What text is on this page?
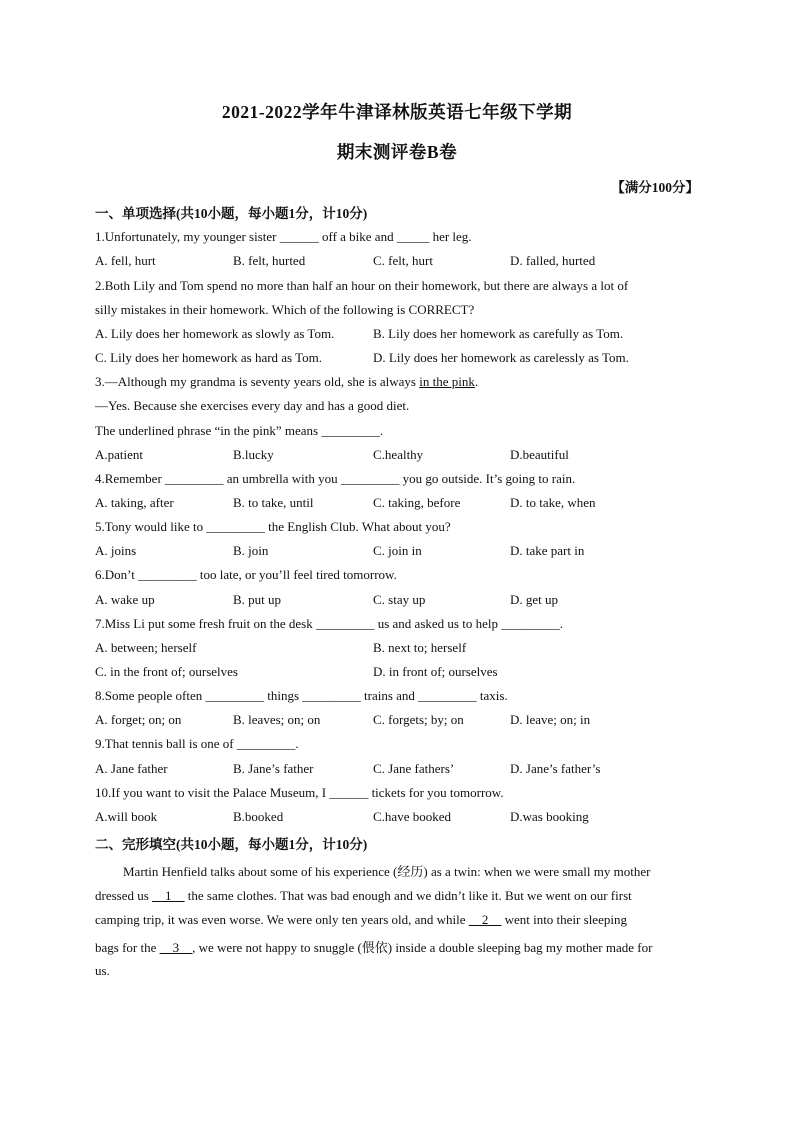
2021-2022学年牛津译林版英语七年级下学期
期末测评卷B卷
【满分100分】
一、单项选择(共10小题，每小题1分，计10分)
1.Unfortunately, my younger sister ______ off a bike and _____ her leg.
A. fell, hurt	B. felt, hurted	C. felt, hurt	D. falled, hurted
2.Both Lily and Tom spend no more than half an hour on their homework, but there are always a lot of
silly mistakes in their homework. Which of the following is CORRECT?
A. Lily does her homework as slowly as Tom.	B. Lily does her homework as carefully as Tom.
C. Lily does her homework as hard as Tom.	D. Lily does her homework as carelessly as Tom.
3.—Although my grandma is seventy years old, she is always in the pink.
—Yes. Because she exercises every day and has a good diet.
The underlined phrase “in the pink” means _________.
A.patient	B.lucky	C.healthy	D.beautiful
4.Remember _________ an umbrella with you _________ you go outside. It’s going to rain.
A. taking, after	B. to take, until	C. taking, before	D. to take, when
5.Tony would like to _________ the English Club. What about you?
A. joins	B. join	C. join in	D. take part in
6.Don’t _________ too late, or you’ll feel tired tomorrow.
A. wake up	B. put up	C. stay up	D. get up
7.Miss Li put some fresh fruit on the desk _________ us and asked us to help _________.
A. between; herself	B. next to; herself
C. in the front of; ourselves	D. in front of; ourselves
8.Some people often _________ things _________ trains and _________ taxis.
A. forget; on; on	B. leaves; on; on	C. forgets; by; on	D. leave; on; in
9.That tennis ball is one of _________.
A. Jane father	B. Jane’s father	C. Jane fathers’	D. Jane’s father’s
10.If you want to visit the Palace Museum, I ______ tickets for you tomorrow.
A.will book	B.booked	C.have booked	D.was booking
二、完形填空(共10小题，每小题1分，计10分)
Martin Henfield talks about some of his experience (经历) as a twin: when we were small my mother
dressed us __1__ the same clothes. That was bad enough and we didn’t like it. But we went on our first
camping trip, it was even worse. We were only ten years old, and while __2__ went into their sleeping
bags for the __3__, we were not happy to snuggle (偎依) inside a double sleeping bag my mother made for
us.
